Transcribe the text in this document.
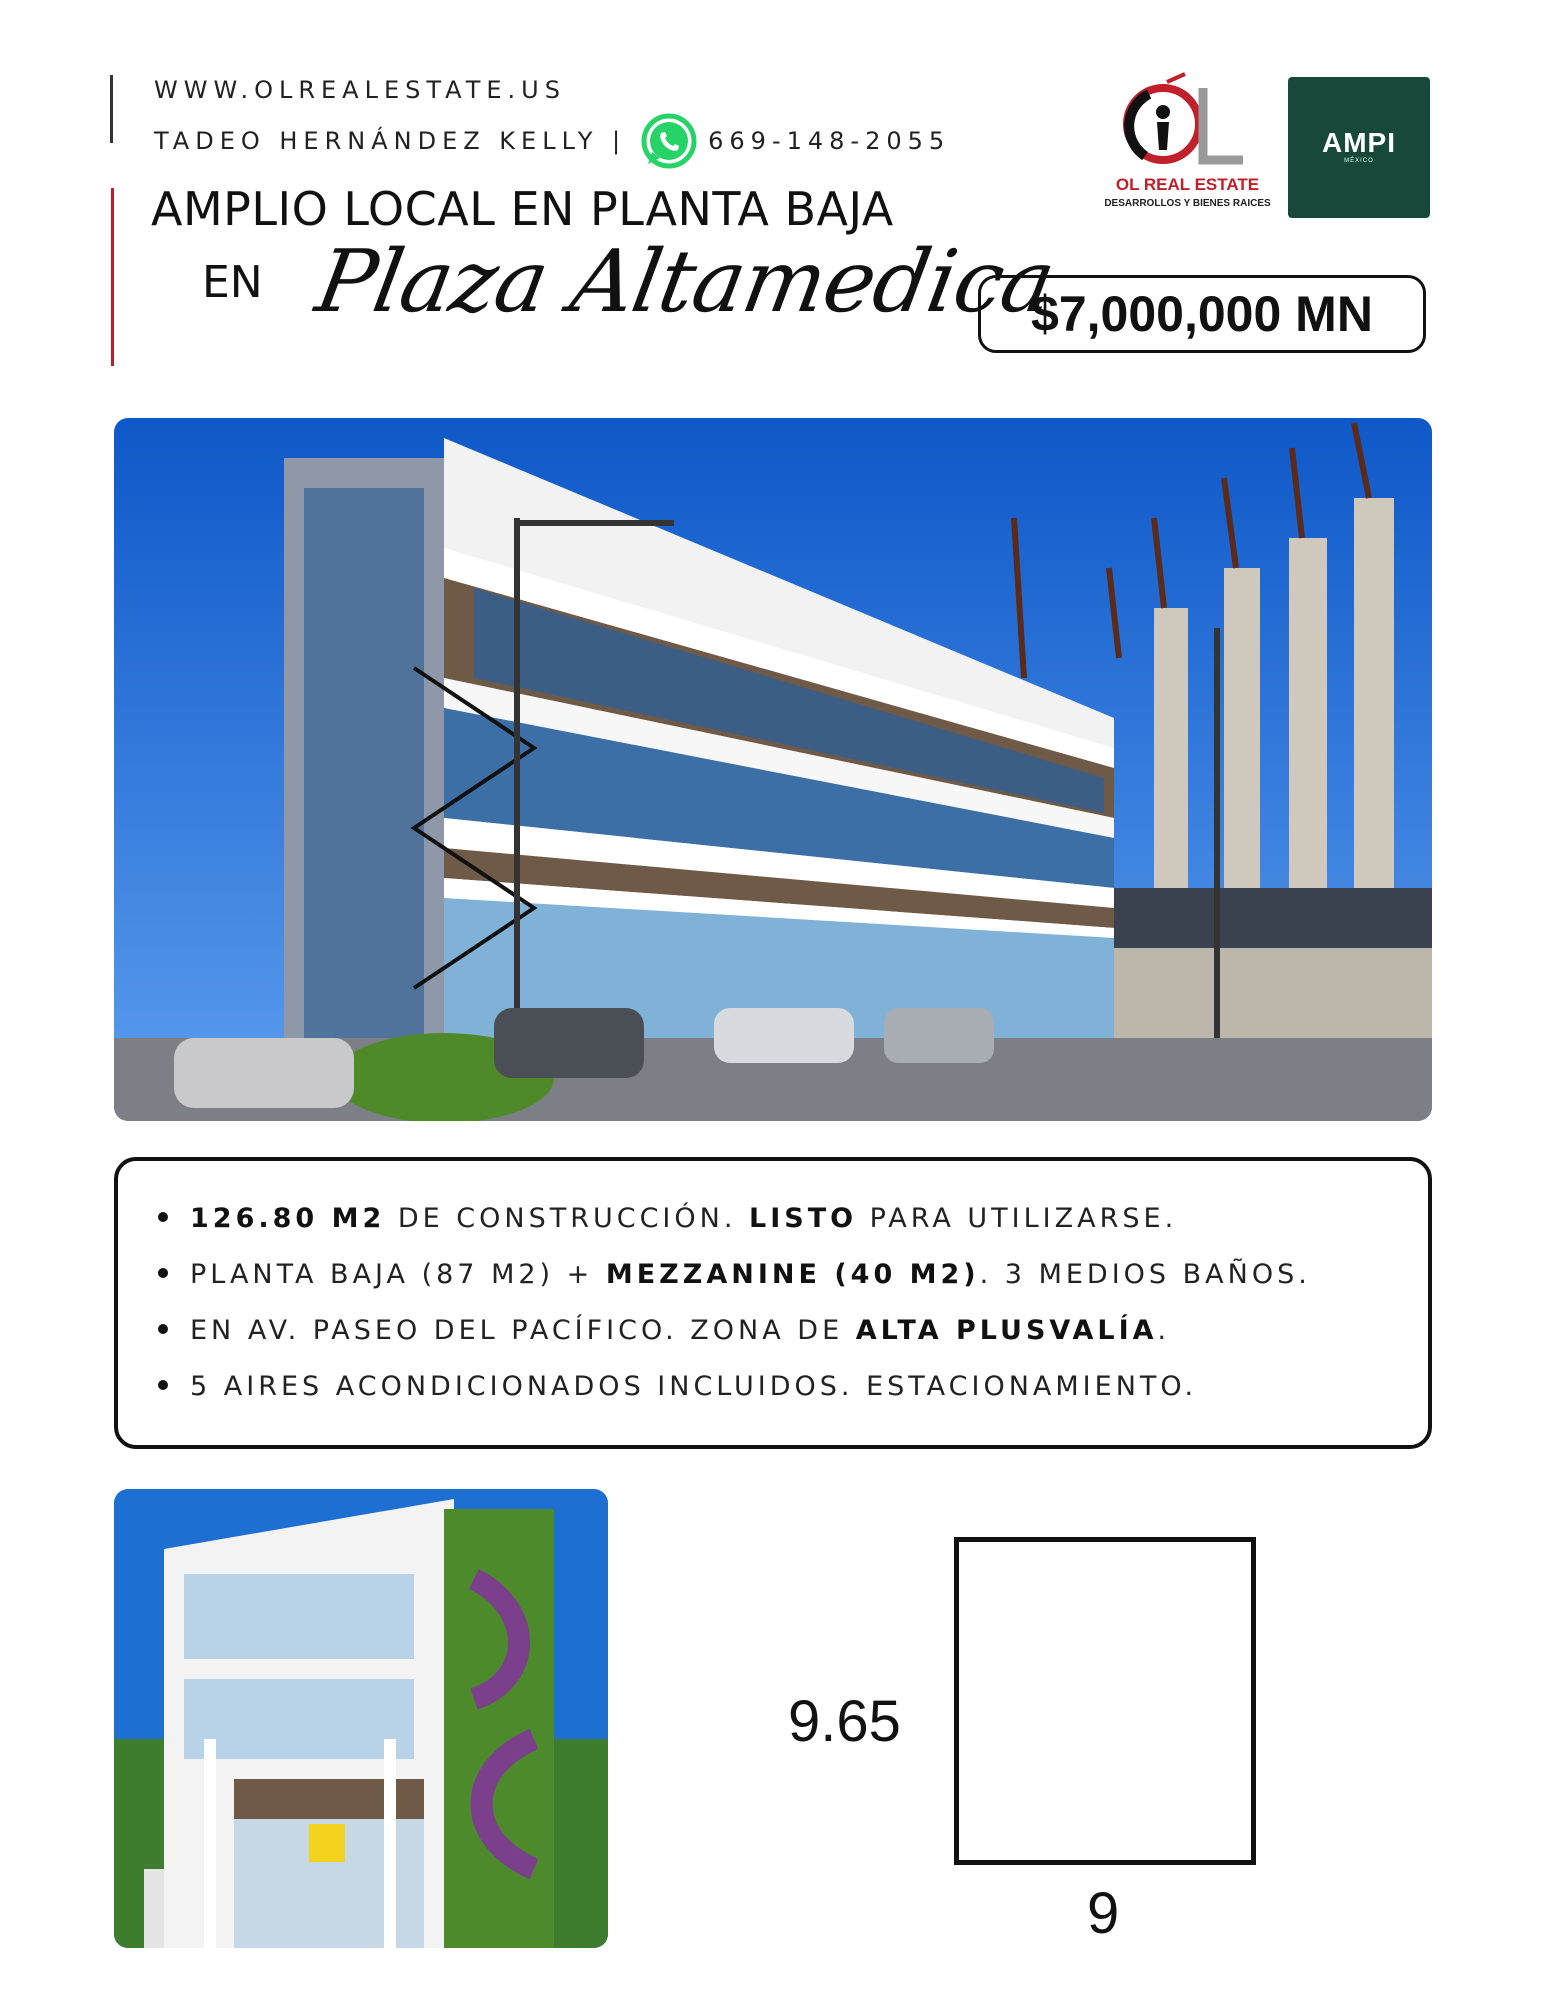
WWW.OLREALESTATE.US
TADEO HERNÁNDEZ KELLY |	669-148-2055
AMPLIO LOCAL EN PLANTA BAJA
EN Plaza Altamedica
OL REAL ESTATE
DESARROLLOS Y BIENES RAICES
AMPI
MÉXICO
$7,000,000 MN
126.80 M2 DE CONSTRUCCIÓN. LISTO PARA UTILIZARSE.
PLANTA BAJA (87 M2) + MEZZANINE (40 M2). 3 MEDIOS BAÑOS.
EN AV. PASEO DEL PACÍFICO. ZONA DE ALTA PLUSVALÍA.
5 AIRES ACONDICIONADOS INCLUIDOS. ESTACIONAMIENTO.
9.65
9
